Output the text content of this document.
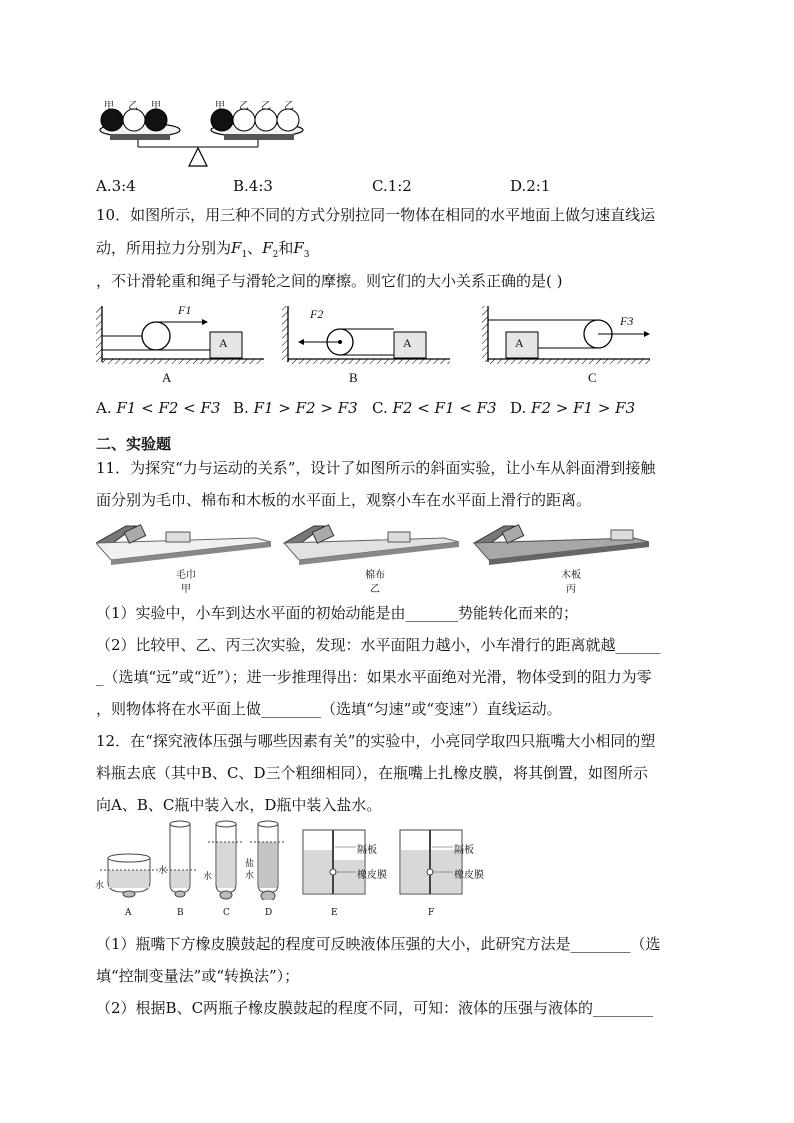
甲 乙 甲	甲 乙 乙 乙
A.3:4	B.4:3	C.1:2	D.2:1
10．如图所示，用三种不同的方式分别拉同一物体在相同的水平地面上做匀速直线运
动，所用拉力分别为$F_1$、$F_2$和$F_3$
，不计滑轮重和绳子与滑轮之间的摩擦。则它们的大小关系正确的是( )
A	A	A
F1	F2	F3
A	B	C
A. F1 < F2 < F3 B. F1 > F2 > F3 C. F2 < F1 < F3 D. F2 > F1 > F3
二、实验题
11．为探究“力与运动的关系”，设计了如图所示的斜面实验，让小车从斜面滑到接触
面分别为毛巾、棉布和木板的水平面上，观察小车在水平面上滑行的距离。
毛巾
甲
棉布
乙
木板
丙
（1）实验中，小车到达水平面的初始动能是由_______势能转化而来的；
（2）比较甲、乙、丙三次实验，发现：水平面阻力越小，小车滑行的距离就越______
_（选填“远”或“近”）；进一步推理得出：如果水平面绝对光滑，物体受到的阻力为零
，则物体将在水平面上做________（选填“匀速”或“变速”）直线运动。
12．在“探究液体压强与哪些因素有关”的实验中，小亮同学取四只瓶嘴大小相同的塑
料瓶去底（其中B、C、D三个粗细相同），在瓶嘴上扎橡皮膜，将其倒置，如图所示
向A、B、C瓶中装入水，D瓶中装入盐水。
水
水
水
盐
水
隔板
橡皮膜
隔板
橡皮膜
A	B	C	D	E	F
（1）瓶嘴下方橡皮膜鼓起的程度可反映液体压强的大小，此研究方法是________（选
填“控制变量法”或“转换法”）；
（2）根据B、C两瓶子橡皮膜鼓起的程度不同，可知：液体的压强与液体的________
